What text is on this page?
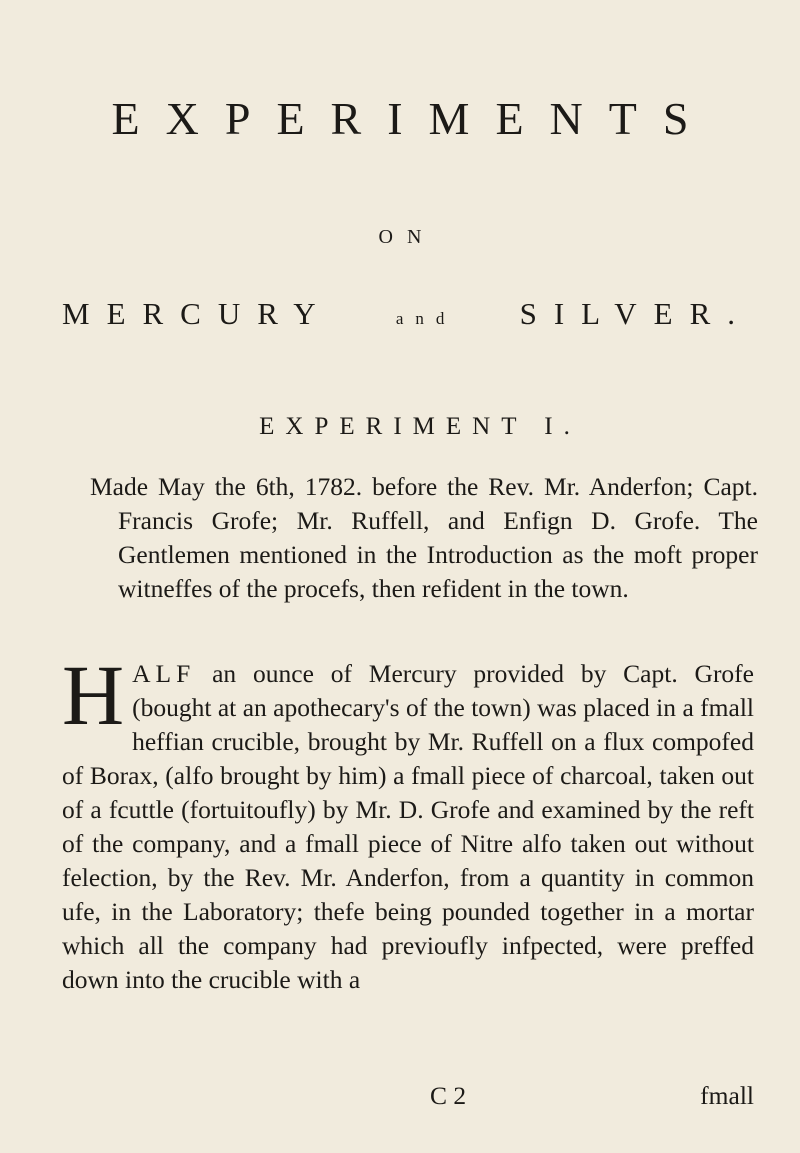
EXPERIMENTS
ON
MERCURY	and SILVER.
EXPERIMENT I.

Made May the 6th, 1782. before the Rev. Mr. Anderfon; Capt. Francis Grofe; Mr. Ruffell, and Enfign D. Grofe. The Gentlemen mentioned in the Introduction as the moft proper witneffes of the procefs, then refident in the town.

HALF an ounce of Mercury provided by Capt. Grofe (bought at an apothecary's of the town) was placed in a fmall heffian crucible, brought by Mr. Ruffell on a flux compofed of Borax, (alfo brought by him) a fmall piece of charcoal, taken out of a fcuttle (fortuitoufly) by Mr. D. Grofe and examined by the reft of the company, and a fmall piece of Nitre alfo taken out without felection, by the Rev. Mr. Anderfon, from a quantity in common ufe, in the Laboratory; thefe being pounded together in a mortar which all the company had previoufly infpected, were preffed down into the crucible with a

C 2	fmall
